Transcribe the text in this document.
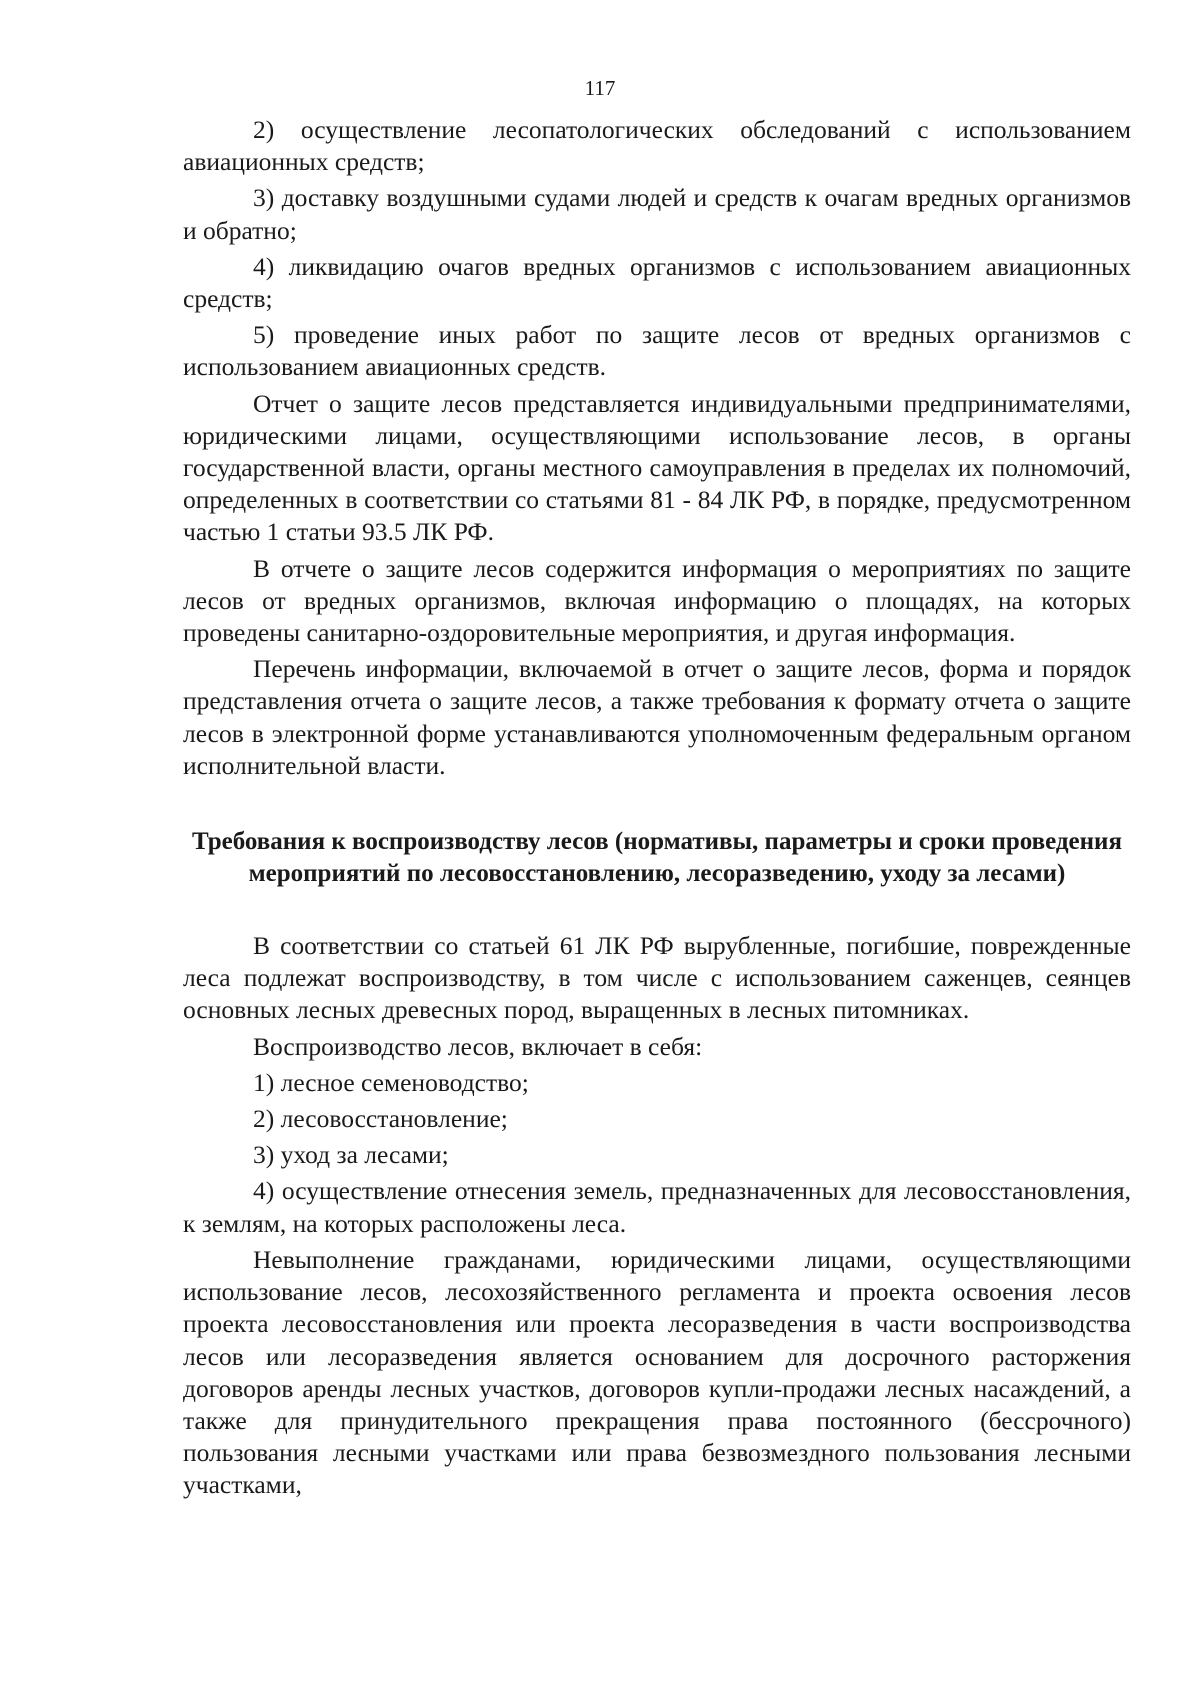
117

2) осуществление лесопатологических обследований с использованием авиационных средств;

3) доставку воздушными судами людей и средств к очагам вредных организмов и обратно;

4) ликвидацию очагов вредных организмов с использованием авиационных средств;

5) проведение иных работ по защите лесов от вредных организмов с использованием авиационных средств.

Отчет о защите лесов представляется индивидуальными предпринимателями, юридическими лицами, осуществляющими использование лесов, в органы государственной власти, органы местного самоуправления в пределах их полномочий, определенных в соответствии со статьями 81 - 84 ЛК РФ, в порядке, предусмотренном частью 1 статьи 93.5 ЛК РФ.

В отчете о защите лесов содержится информация о мероприятиях по защите лесов от вредных организмов, включая информацию о площадях, на которых проведены санитарно-оздоровительные мероприятия, и другая информация.

Перечень информации, включаемой в отчет о защите лесов, форма и порядок представления отчета о защите лесов, а также требования к формату отчета о защите лесов в электронной форме устанавливаются уполномоченным федеральным органом исполнительной власти.

Требования к воспроизводству лесов (нормативы, параметры и сроки проведения мероприятий по лесовосстановлению, лесоразведению, уходу за лесами)

В соответствии со статьей 61 ЛК РФ вырубленные, погибшие, поврежденные леса подлежат воспроизводству, в том числе с использованием саженцев, сеянцев основных лесных древесных пород, выращенных в лесных питомниках.

Воспроизводство лесов, включает в себя:

1) лесное семеноводство;

2) лесовосстановление;

3) уход за лесами;

4) осуществление отнесения земель, предназначенных для лесовосстановления, к землям, на которых расположены леса.

Невыполнение гражданами, юридическими лицами, осуществляющими использование лесов, лесохозяйственного регламента и проекта освоения лесов проекта лесовосстановления или проекта лесоразведения в части воспроизводства лесов или лесоразведения является основанием для досрочного расторжения договоров аренды лесных участков, договоров купли-продажи лесных насаждений, а также для принудительного прекращения права постоянного (бессрочного) пользования лесными участками или права безвозмездного пользования лесными участками,
